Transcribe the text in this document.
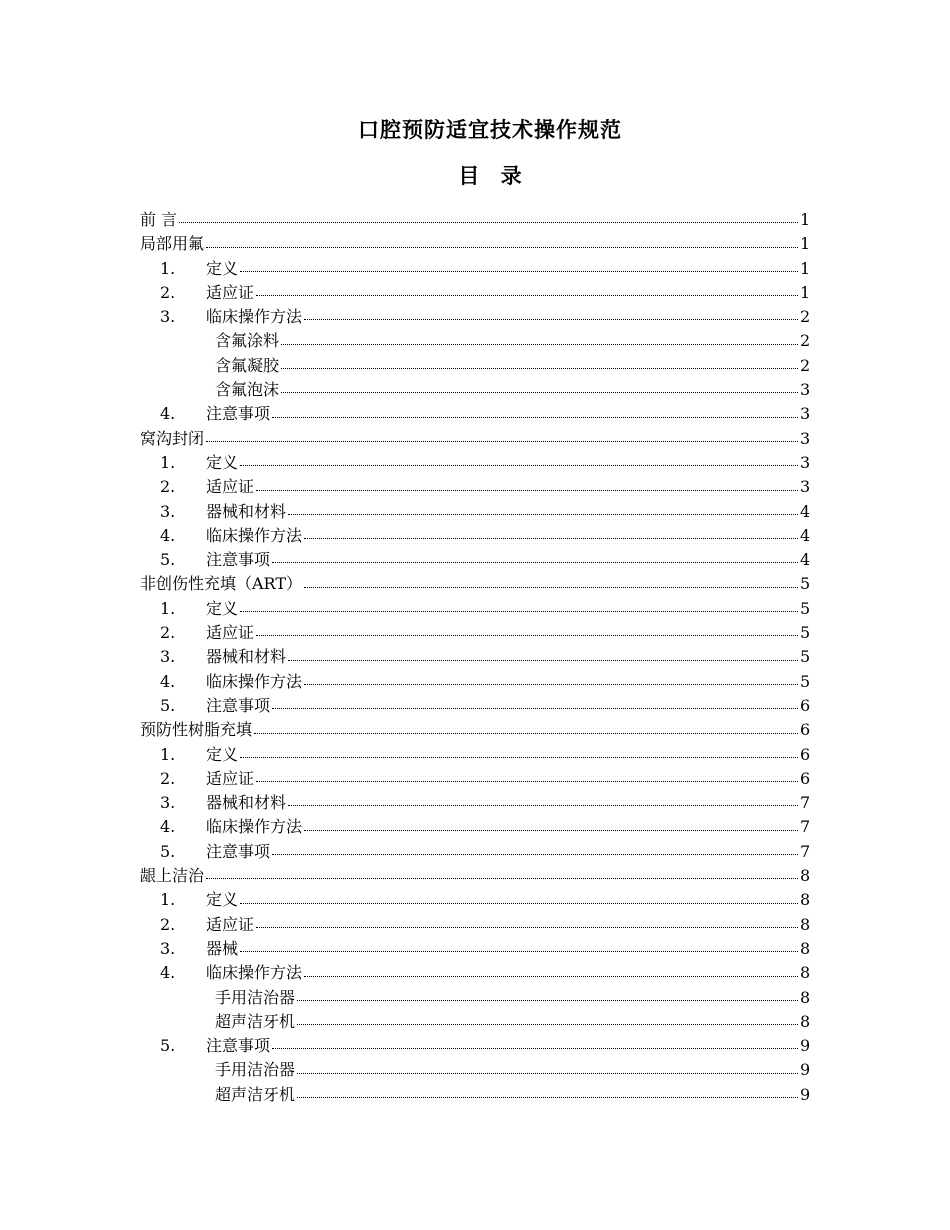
口腔预防适宜技术操作规范
目 录
前 言	1
局部用氟	1
1.	定义	1
2.	适应证	1
3.	临床操作方法	2
含氟涂料	2
含氟凝胶	2
含氟泡沫	3
4.	注意事项	3
窝沟封闭	3
1.	定义	3
2.	适应证	3
3.	器械和材料	4
4.	临床操作方法	4
5.	注意事项	4
非创伤性充填（ART）	5
1.	定义	5
2.	适应证	5
3.	器械和材料	5
4.	临床操作方法	5
5.	注意事项	6
预防性树脂充填	6
1.	定义	6
2.	适应证	6
3.	器械和材料	7
4.	临床操作方法	7
5.	注意事项	7
龈上洁治	8
1.	定义	8
2.	适应证	8
3.	器械	8
4.	临床操作方法	8
手用洁治器	8
超声洁牙机	8
5.	注意事项	9
手用洁治器	9
超声洁牙机	9
